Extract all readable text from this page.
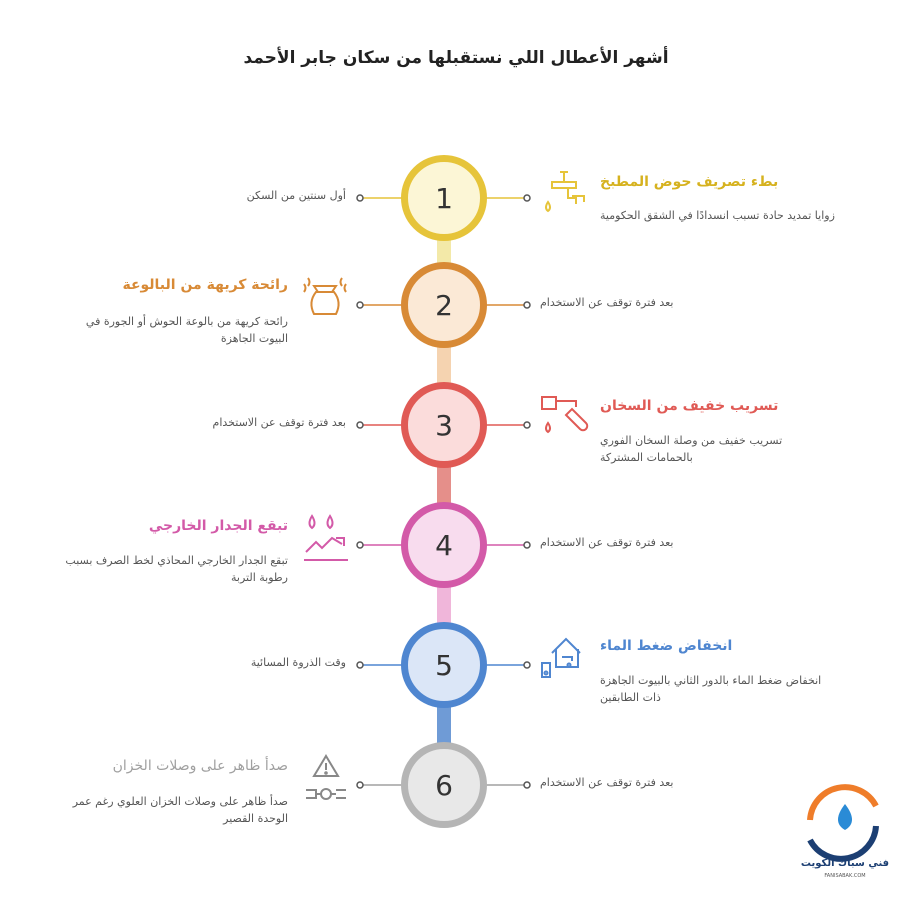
أشهر الأعطال اللي نستقبلها من سكان جابر الأحمد
1
2
3
4
5
6
بطء تصريف حوض المطبخ
زوايا تمديد حادة تسبب انسدادًا في الشقق الحكومية
أول سنتين من السكن
رائحة كريهة من البالوعة
رائحة كريهة من بالوعة الحوش أو الجورة في البيوت الجاهزة
بعد فترة توقف عن الاستخدام
تسريب خفيف من السخان
تسريب خفيف من وصلة السخان الفوري بالحمامات المشتركة
بعد فترة توقف عن الاستخدام
تبقع الجدار الخارجي
تبقع الجدار الخارجي المحاذي لخط الصرف بسبب رطوبة التربة
بعد فترة توقف عن الاستخدام
انخفاض ضغط الماء
انخفاض ضغط الماء بالدور الثاني بالبيوت الجاهزة ذات الطابقين
وقت الذروة المسائية
صدأ ظاهر على وصلات الخزان
صدأ ظاهر على وصلات الخزان العلوي رغم عمر الوحدة القصير
بعد فترة توقف عن الاستخدام
فني سباك الكويت
FANISABAK.COM
